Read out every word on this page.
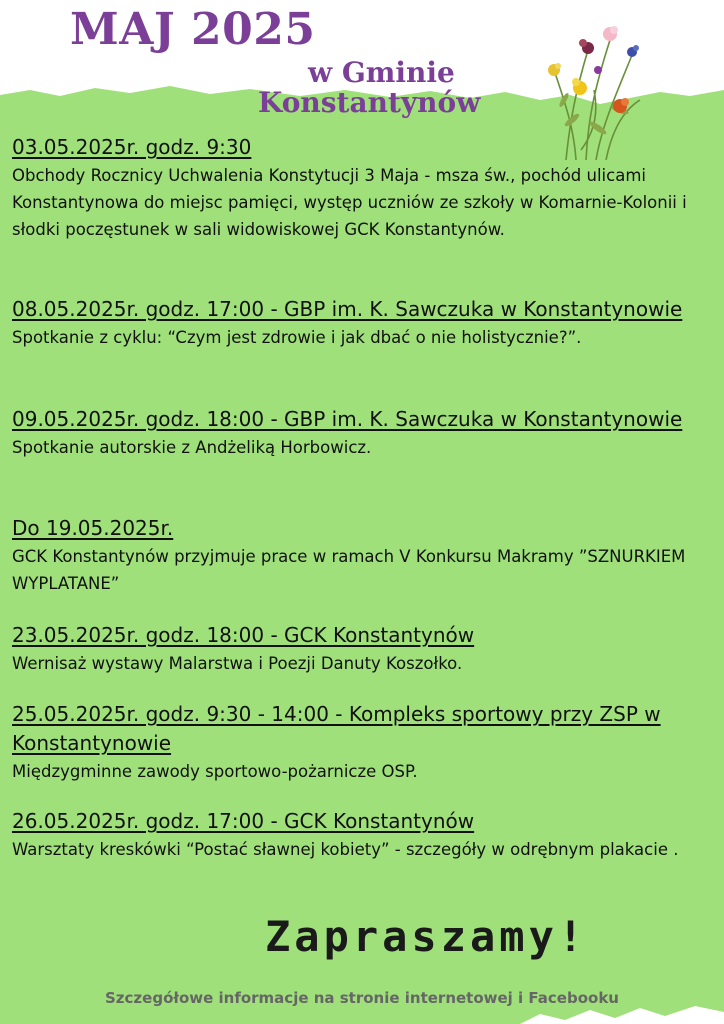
MAJ 2025
w Gminie
Konstantynów

03.05.2025r. godz. 9:30

Obchody Rocznicy Uchwalenia Konstytucji 3 Maja - msza św., pochód ulicami Konstantynowa do miejsc pamięci, występ uczniów ze szkoły w Komarnie-Kolonii i słodki poczęstunek w sali widowiskowej GCK Konstantynów.

08.05.2025r. godz. 17:00 - GBP im. K. Sawczuka w Konstantynowie

Spotkanie z cyklu: “Czym jest zdrowie i jak dbać o nie holistycznie?”.

09.05.2025r. godz. 18:00 - GBP im. K. Sawczuka w Konstantynowie

Spotkanie autorskie z Andżeliką Horbowicz.

Do 19.05.2025r.

GCK Konstantynów przyjmuje prace w ramach V Konkursu Makramy ”SZNURKIEM WYPLATANE”

23.05.2025r. godz. 18:00 - GCK Konstantynów

Wernisaż wystawy Malarstwa i Poezji Danuty Koszołko.

25.05.2025r. godz. 9:30 - 14:00 - Kompleks sportowy przy ZSP w Konstantynowie

Międzygminne zawody sportowo-pożarnicze OSP.

26.05.2025r. godz. 17:00 - GCK Konstantynów

Warsztaty kreskówki “Postać sławnej kobiety” - szczegóły w odrębnym plakacie .

Zapraszamy!

Szczegółowe informacje na stronie internetowej i Facebooku
